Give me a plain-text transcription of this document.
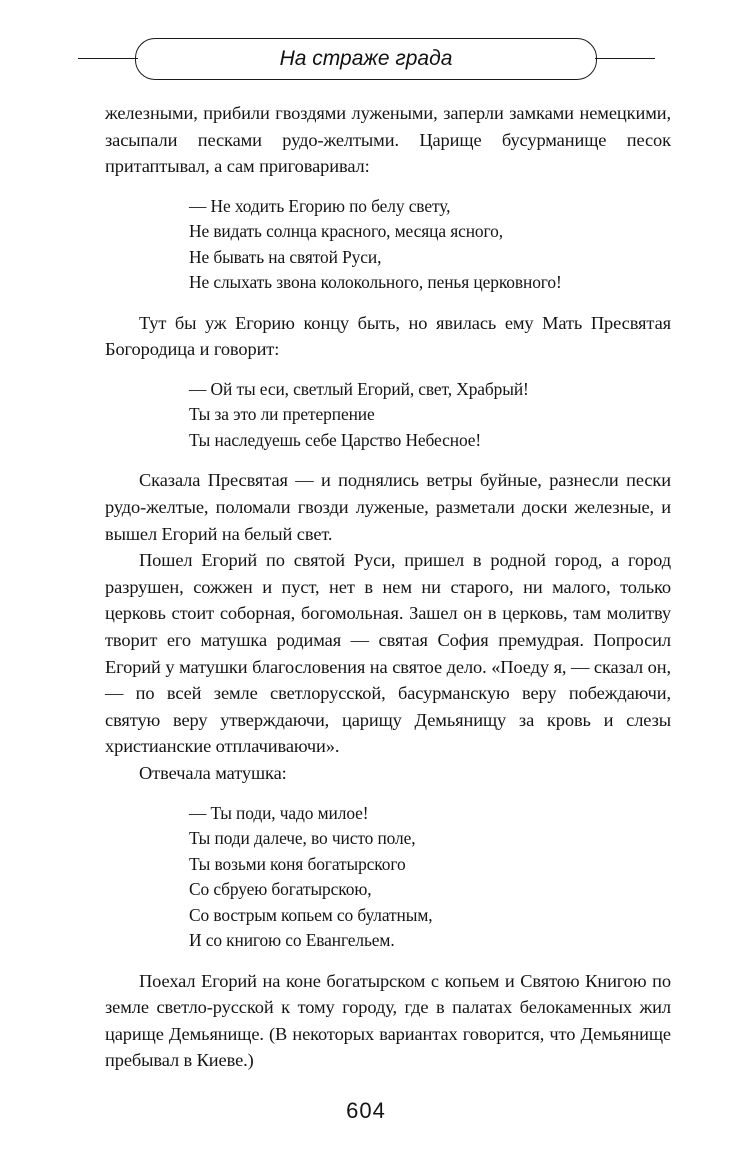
На страже града

железными, прибили гвоздями лужеными, заперли замками немецкими, засыпали песками рудо-желтыми. Царище бусурманище песок притаптывал, а сам приговаривал:

— Не ходить Егорию по белу свету,
Не видать солнца красного, месяца ясного,
Не бывать на святой Руси,
Не слыхать звона колокольного, пенья церковного!

Тут бы уж Егорию концу быть, но явилась ему Мать Пресвятая Богородица и говорит:

— Ой ты еси, светлый Егорий, свет, Храбрый!
Ты за это ли претерпение
Ты наследуешь себе Царство Небесное!

Сказала Пресвятая — и поднялись ветры буйные, разнесли пески рудо-желтые, поломали гвозди луженые, разметали доски железные, и вышел Егорий на белый свет.

Пошел Егорий по святой Руси, пришел в родной город, а город разрушен, сожжен и пуст, нет в нем ни старого, ни малого, только церковь стоит соборная, богомольная. Зашел он в церковь, там молитву творит его матушка родимая — святая София премудрая. Попросил Егорий у матушки благословения на святое дело. «Поеду я, — сказал он, — по всей земле светлорусской, басурманскую веру побеждаючи, святую веру утверждаючи, царищу Демьянищу за кровь и слезы христианские отплачиваючи».

Отвечала матушка:

— Ты поди, чадо милое!
Ты поди далече, во чисто поле,
Ты возьми коня богатырского
Со сбруею богатырскою,
Со вострым копьем со булатным,
И со книгою со Евангельем.

Поехал Егорий на коне богатырском с копьем и Святою Книгою по земле светло-русской к тому городу, где в палатах белокаменных жил царище Демьянище. (В некоторых вариантах говорится, что Демьянище пребывал в Киеве.)

604
